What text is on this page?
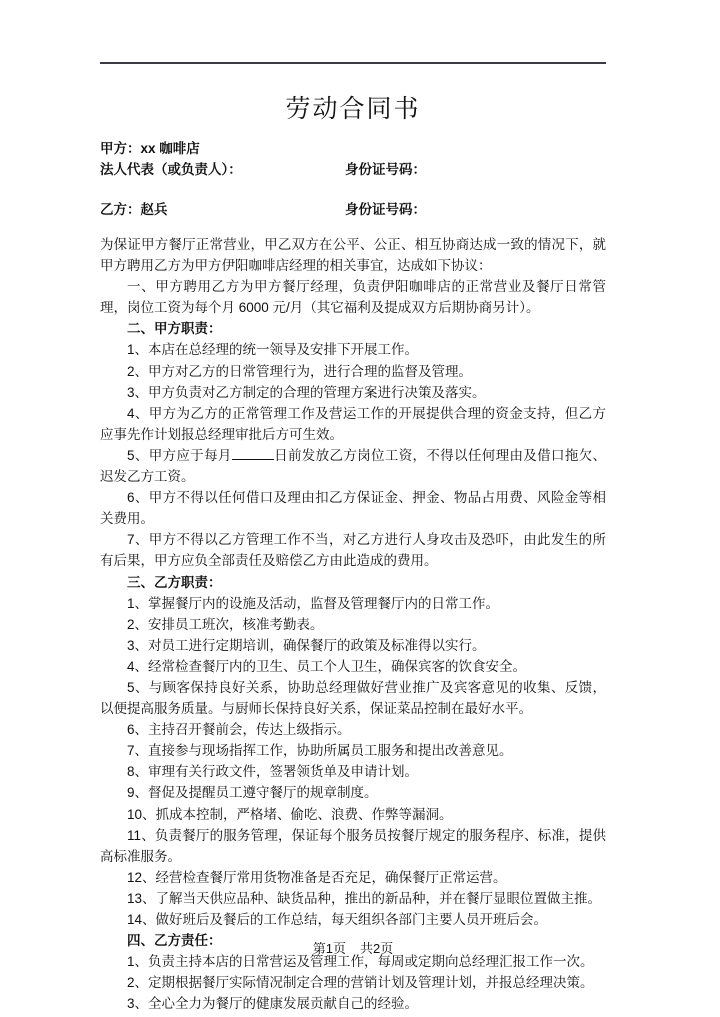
劳动合同书
甲方：xx 咖啡店
法人代表（或负责人）：	身份证号码：
乙方：赵兵	身份证号码：

为保证甲方餐厅正常营业，甲乙双方在公平、公正、相互协商达成一致的情况下，就甲方聘用乙方为甲方伊阳咖啡店经理的相关事宜，达成如下协议：

一、甲方聘用乙方为甲方餐厅经理，负责伊阳咖啡店的正常营业及餐厅日常管理，岗位工资为每个月 6000 元/月（其它福利及提成双方后期协商另计）。

二、甲方职责：

1、本店在总经理的统一领导及安排下开展工作。

2、甲方对乙方的日常管理行为，进行合理的监督及管理。

3、甲方负责对乙方制定的合理的管理方案进行决策及落实。

4、甲方为乙方的正常管理工作及营运工作的开展提供合理的资金支持，但乙方应事先作计划报总经理审批后方可生效。

5、甲方应于每月	日前发放乙方岗位工资，不得以任何理由及借口拖欠、迟发乙方工资。

6、甲方不得以任何借口及理由扣乙方保证金、押金、物品占用费、风险金等相关费用。

7、甲方不得以乙方管理工作不当，对乙方进行人身攻击及恐吓，由此发生的所有后果，甲方应负全部责任及赔偿乙方由此造成的费用。

三、乙方职责：

1、掌握餐厅内的设施及活动，监督及管理餐厅内的日常工作。

2、安排员工班次，核准考勤表。

3、对员工进行定期培训，确保餐厅的政策及标准得以实行。

4、经常检查餐厅内的卫生、员工个人卫生，确保宾客的饮食安全。

5、与顾客保持良好关系，协助总经理做好营业推广及宾客意见的收集、反馈，以便提高服务质量。与厨师长保持良好关系，保证菜品控制在最好水平。

6、主持召开餐前会，传达上级指示。

7、直接参与现场指挥工作，协助所属员工服务和提出改善意见。

8、审理有关行政文件，签署领货单及申请计划。

9、督促及提醒员工遵守餐厅的规章制度。

10、抓成本控制，严格堵、偷吃、浪费、作弊等漏洞。

11、负责餐厅的服务管理，保证每个服务员按餐厅规定的服务程序、标准，提供高标准服务。

12、经营检查餐厅常用货物准备是否充足，确保餐厅正常运营。

13、了解当天供应品种、缺货品种，推出的新品种，并在餐厅显眼位置做主推。

14、做好班后及餐后的工作总结，每天组织各部门主要人员开班后会。

四、乙方责任：

1、负责主持本店的日常营运及管理工作，每周或定期向总经理汇报工作一次。

2、定期根据餐厅实际情况制定合理的营销计划及管理计划，并报总经理决策。

3、全心全力为餐厅的健康发展贡献自己的经验。

第1页 共2页
